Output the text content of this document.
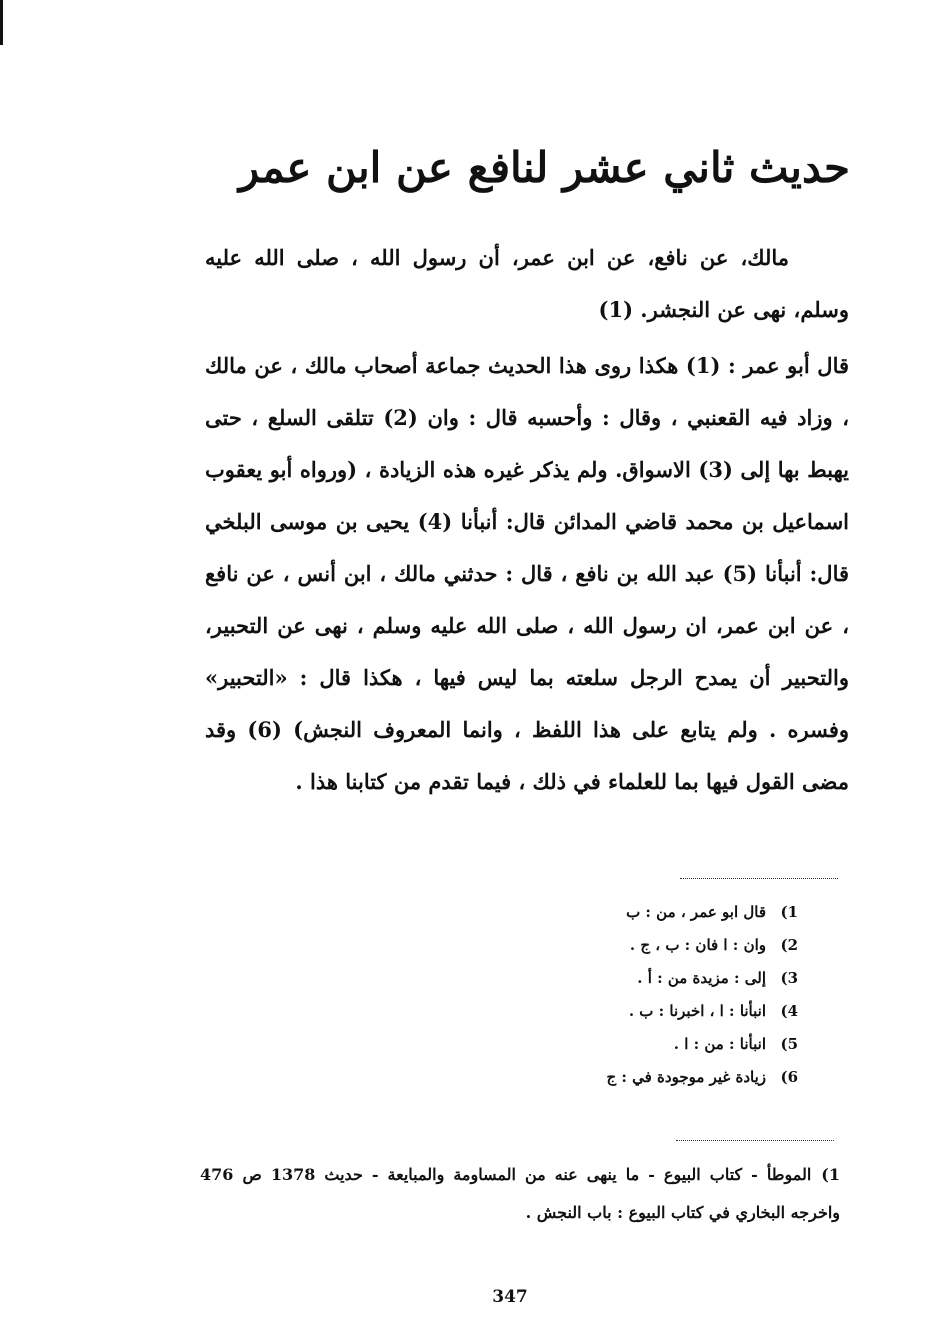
حديث ثاني عشر لنافع عن ابن عمر

مالك، عن نافع، عن ابن عمر، أن رسول الله ، صلى الله عليه وسلم، نهى عن النجشر. (1)

قال أبو عمر : (1) هكذا روى هذا الحديث جماعة أصحاب مالك ، عن مالك ، وزاد فيه القعنبي ، وقال : وأحسبه قال : وان (2) تتلقى السلع ، حتى يهبط بها إلى (3) الاسواق. ولم يذكر غيره هذه الزيادة ، (ورواه أبو يعقوب اسماعيل بن محمد قاضي المدائن قال: أنبأنا (4) يحيى بن موسى البلخي قال: أنبأنا (5) عبد الله بن نافع ، قال : حدثني مالك ، ابن أنس ، عن نافع ، عن ابن عمر، ان رسول الله ، صلى الله عليه وسلم ، نهى عن التحبير، والتحبير أن يمدح الرجل سلعته بما ليس فيها ، هكذا قال : «التحبير» وفسره . ولم يتابع على هذا اللفظ ، وانما المعروف النجش) (6) وقد مضى القول فيها بما للعلماء في ذلك ، فيما تقدم من كتابنا هذا .

1)
قال ابو عمر ، من : ب
2)
وان : ا فان : ب ، ج .
3)
إلى : مزيدة من : أ .
4)
انبأنا : ا ، اخبرنا : ب .
5)
انبأنا : من : ا .
6)
زيادة غير موجودة في : ج

1)الموطأ - كتاب البيوع - ما ينهى عنه من المساومة والمبايعة - حديث 1378 ص 476 واخرجه البخاري في كتاب البيوع : باب النجش .

347
